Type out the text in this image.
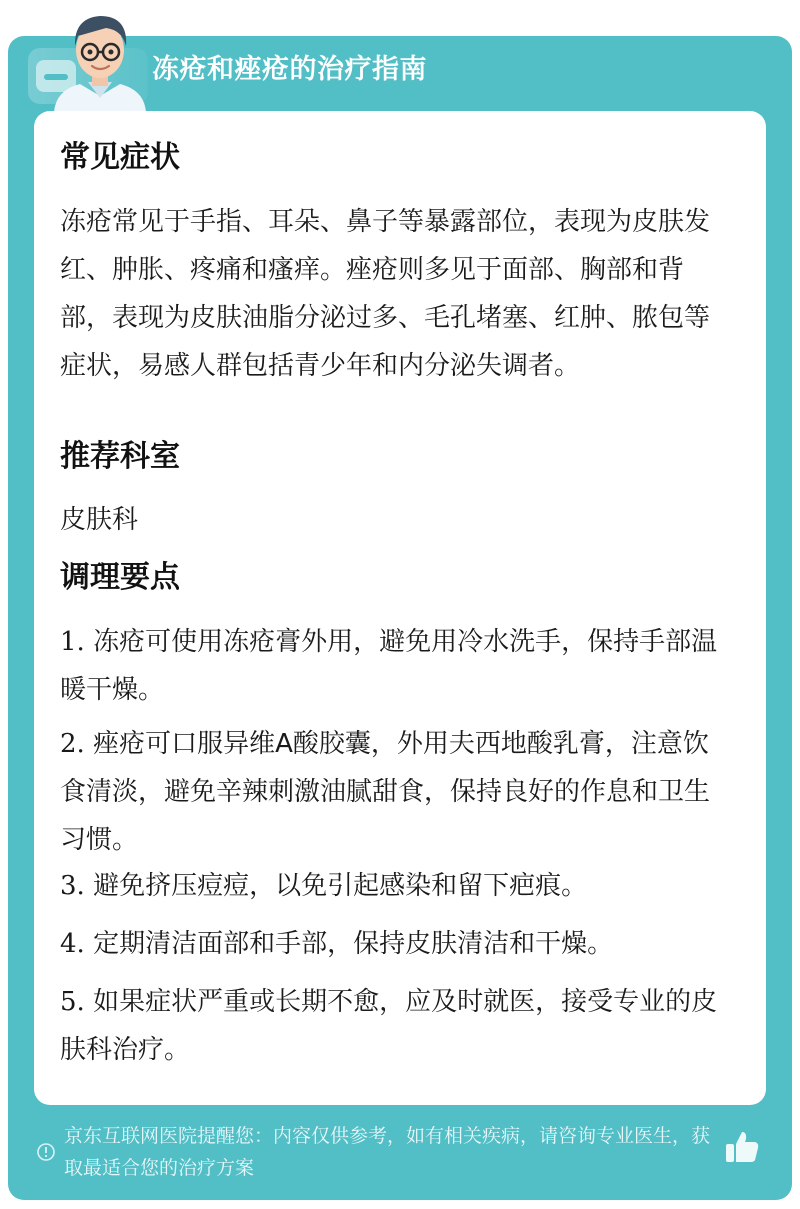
冻疮和痤疮的治疗指南
常见症状

冻疮常见于手指、耳朵、鼻子等暴露部位，表现为皮肤发红、肿胀、疼痛和瘙痒。痤疮则多见于面部、胸部和背部，表现为皮肤油脂分泌过多、毛孔堵塞、红肿、脓包等症状，易感人群包括青少年和内分泌失调者。

推荐科室

皮肤科

调理要点

1. 冻疮可使用冻疮膏外用，避免用冷水洗手，保持手部温暖干燥。

2. 痤疮可口服异维A酸胶囊，外用夫西地酸乳膏，注意饮食清淡，避免辛辣刺激油腻甜食，保持良好的作息和卫生习惯。

3. 避免挤压痘痘，以免引起感染和留下疤痕。

4. 定期清洁面部和手部，保持皮肤清洁和干燥。

5. 如果症状严重或长期不愈，应及时就医，接受专业的皮肤科治疗。

京东互联网医院提醒您：内容仅供参考，如有相关疾病，请咨询专业医生，获取最适合您的治疗方案
